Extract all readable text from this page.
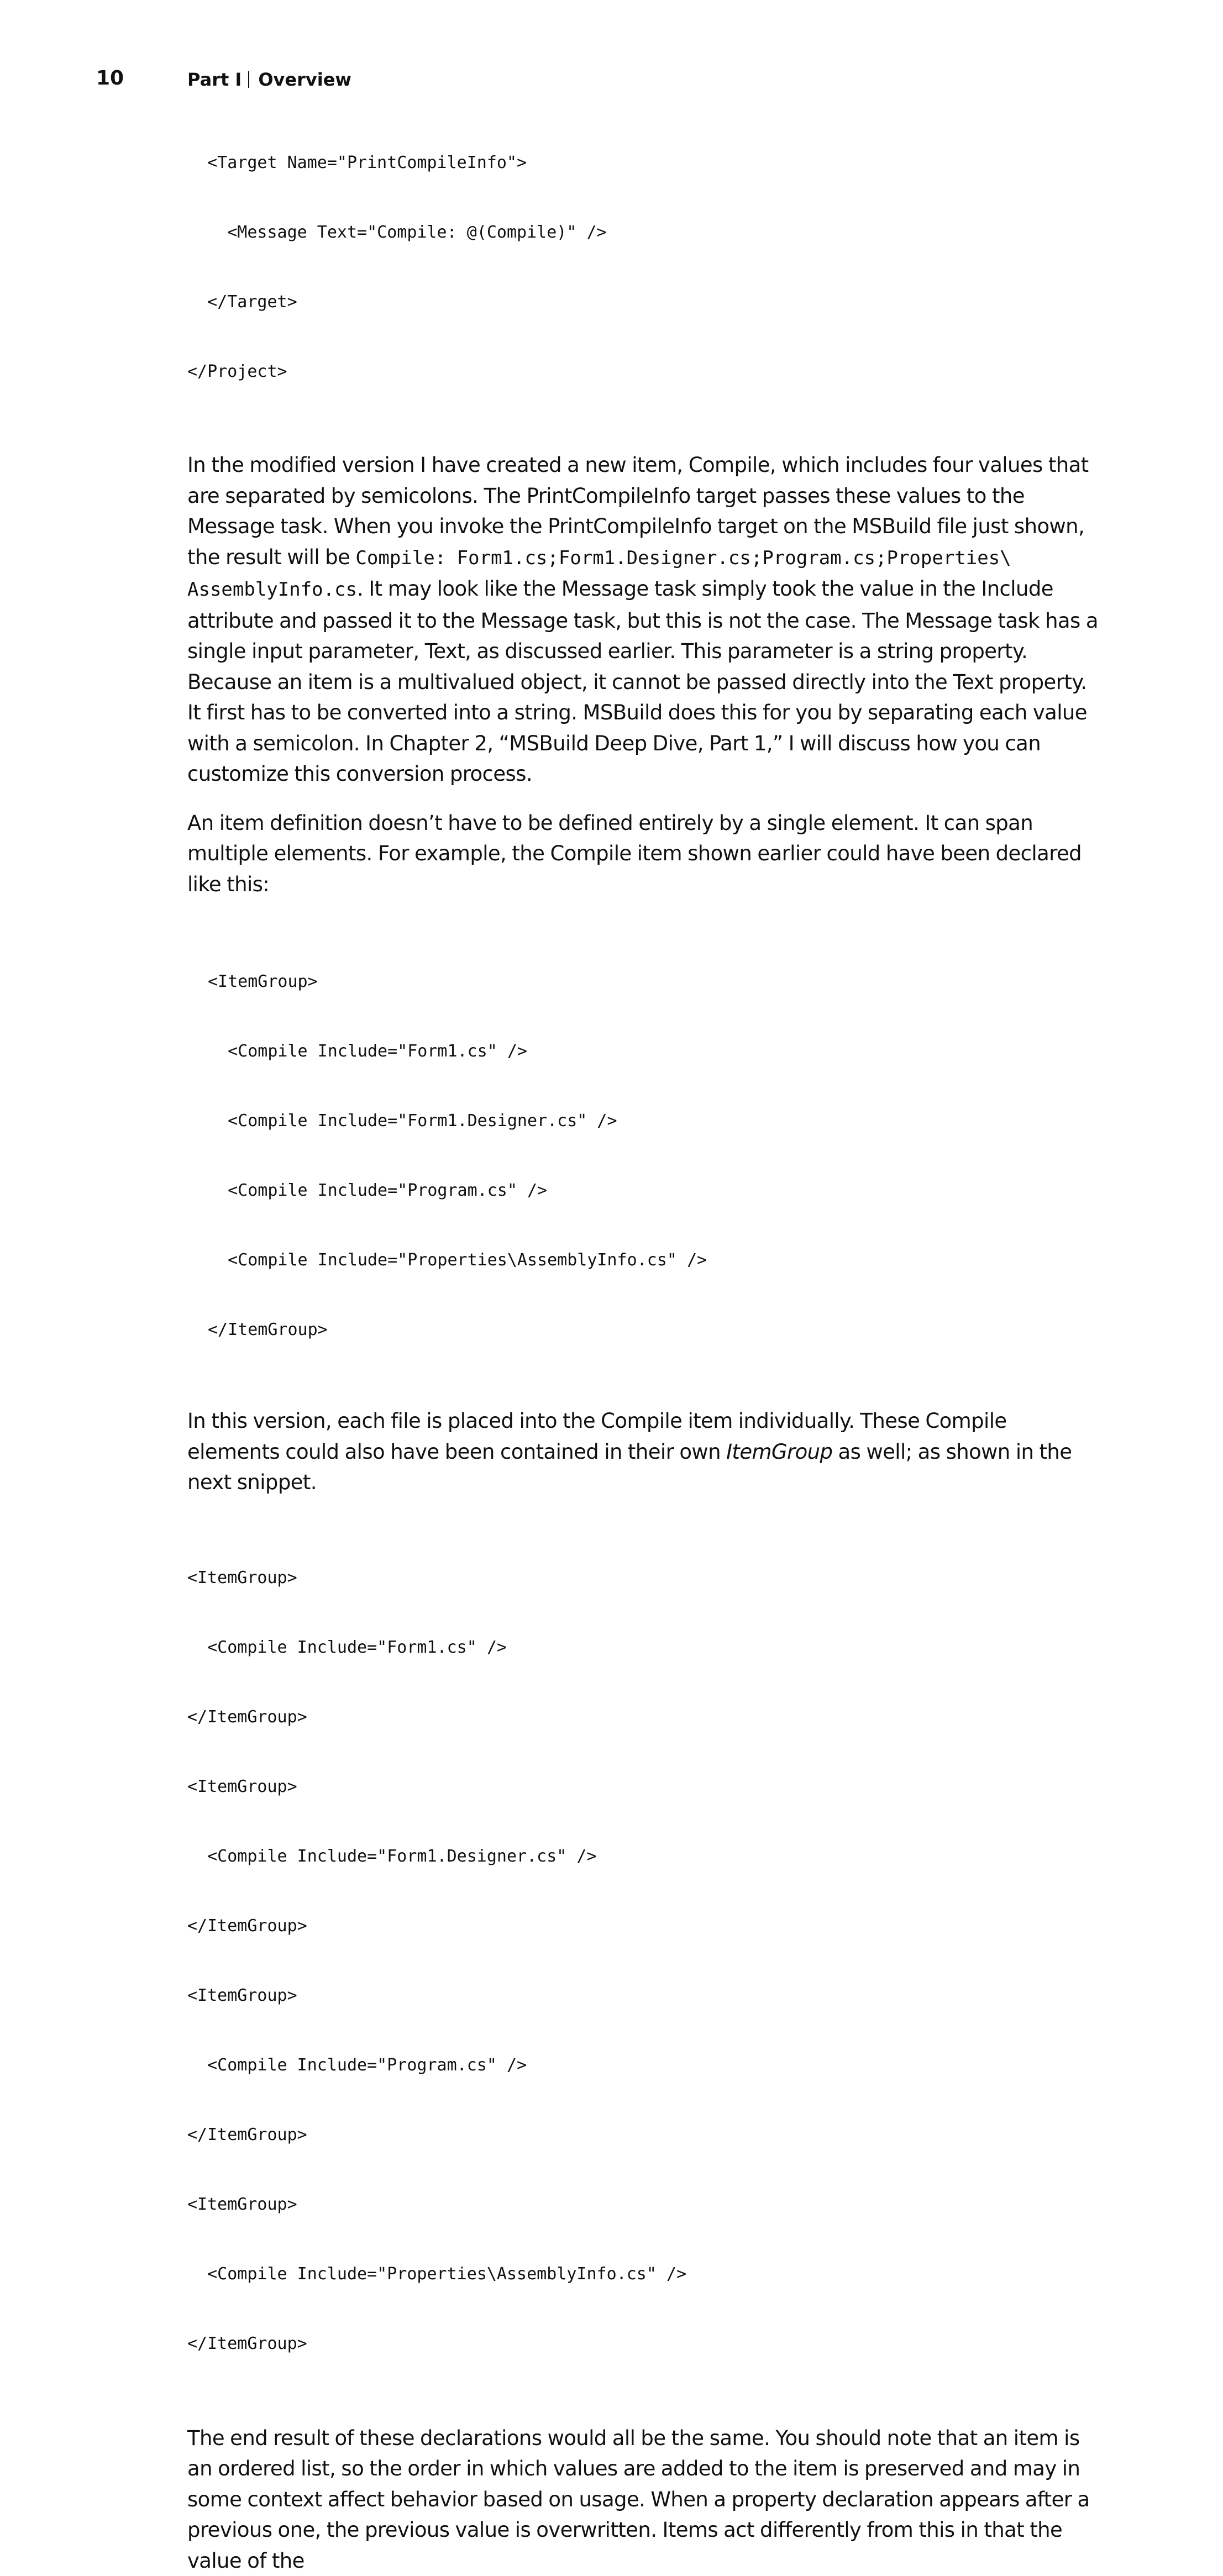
10	Part I Overview

<Target Name="PrintCompileInfo">

<Message Text="Compile: @(Compile)" />

</Target>

</Project>

In the modified version I have created a new item, Compile, which includes four values that are separated by semicolons. The PrintCompileInfo target passes these values to the Message task. When you invoke the PrintCompileInfo target on the MSBuild file just shown, the result will be Compile: Form1.cs;Form1.Designer.cs;Program.cs;Properties\ AssemblyInfo.cs. It may look like the Message task simply took the value in the Include attribute and passed it to the Message task, but this is not the case. The Message task has a single input parameter, Text, as discussed earlier. This parameter is a string property. Because an item is a multivalued object, it cannot be passed directly into the Text property. It first has to be converted into a string. MSBuild does this for you by separating each value with a semicolon. In Chapter 2, “MSBuild Deep Dive, Part 1,” I will discuss how you can customize this conversion process.

An item definition doesn’t have to be defined entirely by a single element. It can span multiple elements. For example, the Compile item shown earlier could have been declared like this:

<ItemGroup>

<Compile Include="Form1.cs" />

<Compile Include="Form1.Designer.cs" />

<Compile Include="Program.cs" />

<Compile Include="Properties\AssemblyInfo.cs" />

</ItemGroup>

In this version, each file is placed into the Compile item individually. These Compile elements could also have been contained in their own ItemGroup as well; as shown in the next snippet.

<ItemGroup>

<Compile Include="Form1.cs" />

</ItemGroup>

<ItemGroup>

<Compile Include="Form1.Designer.cs" />

</ItemGroup>

<ItemGroup>

<Compile Include="Program.cs" />

</ItemGroup>

<ItemGroup>

<Compile Include="Properties\AssemblyInfo.cs" />

</ItemGroup>

The end result of these declarations would all be the same. You should note that an item is an ordered list, so the order in which values are added to the item is preserved and may in some context affect behavior based on usage. When a property declaration appears after a previous one, the previous value is overwritten. Items act differently from this in that the value of the
